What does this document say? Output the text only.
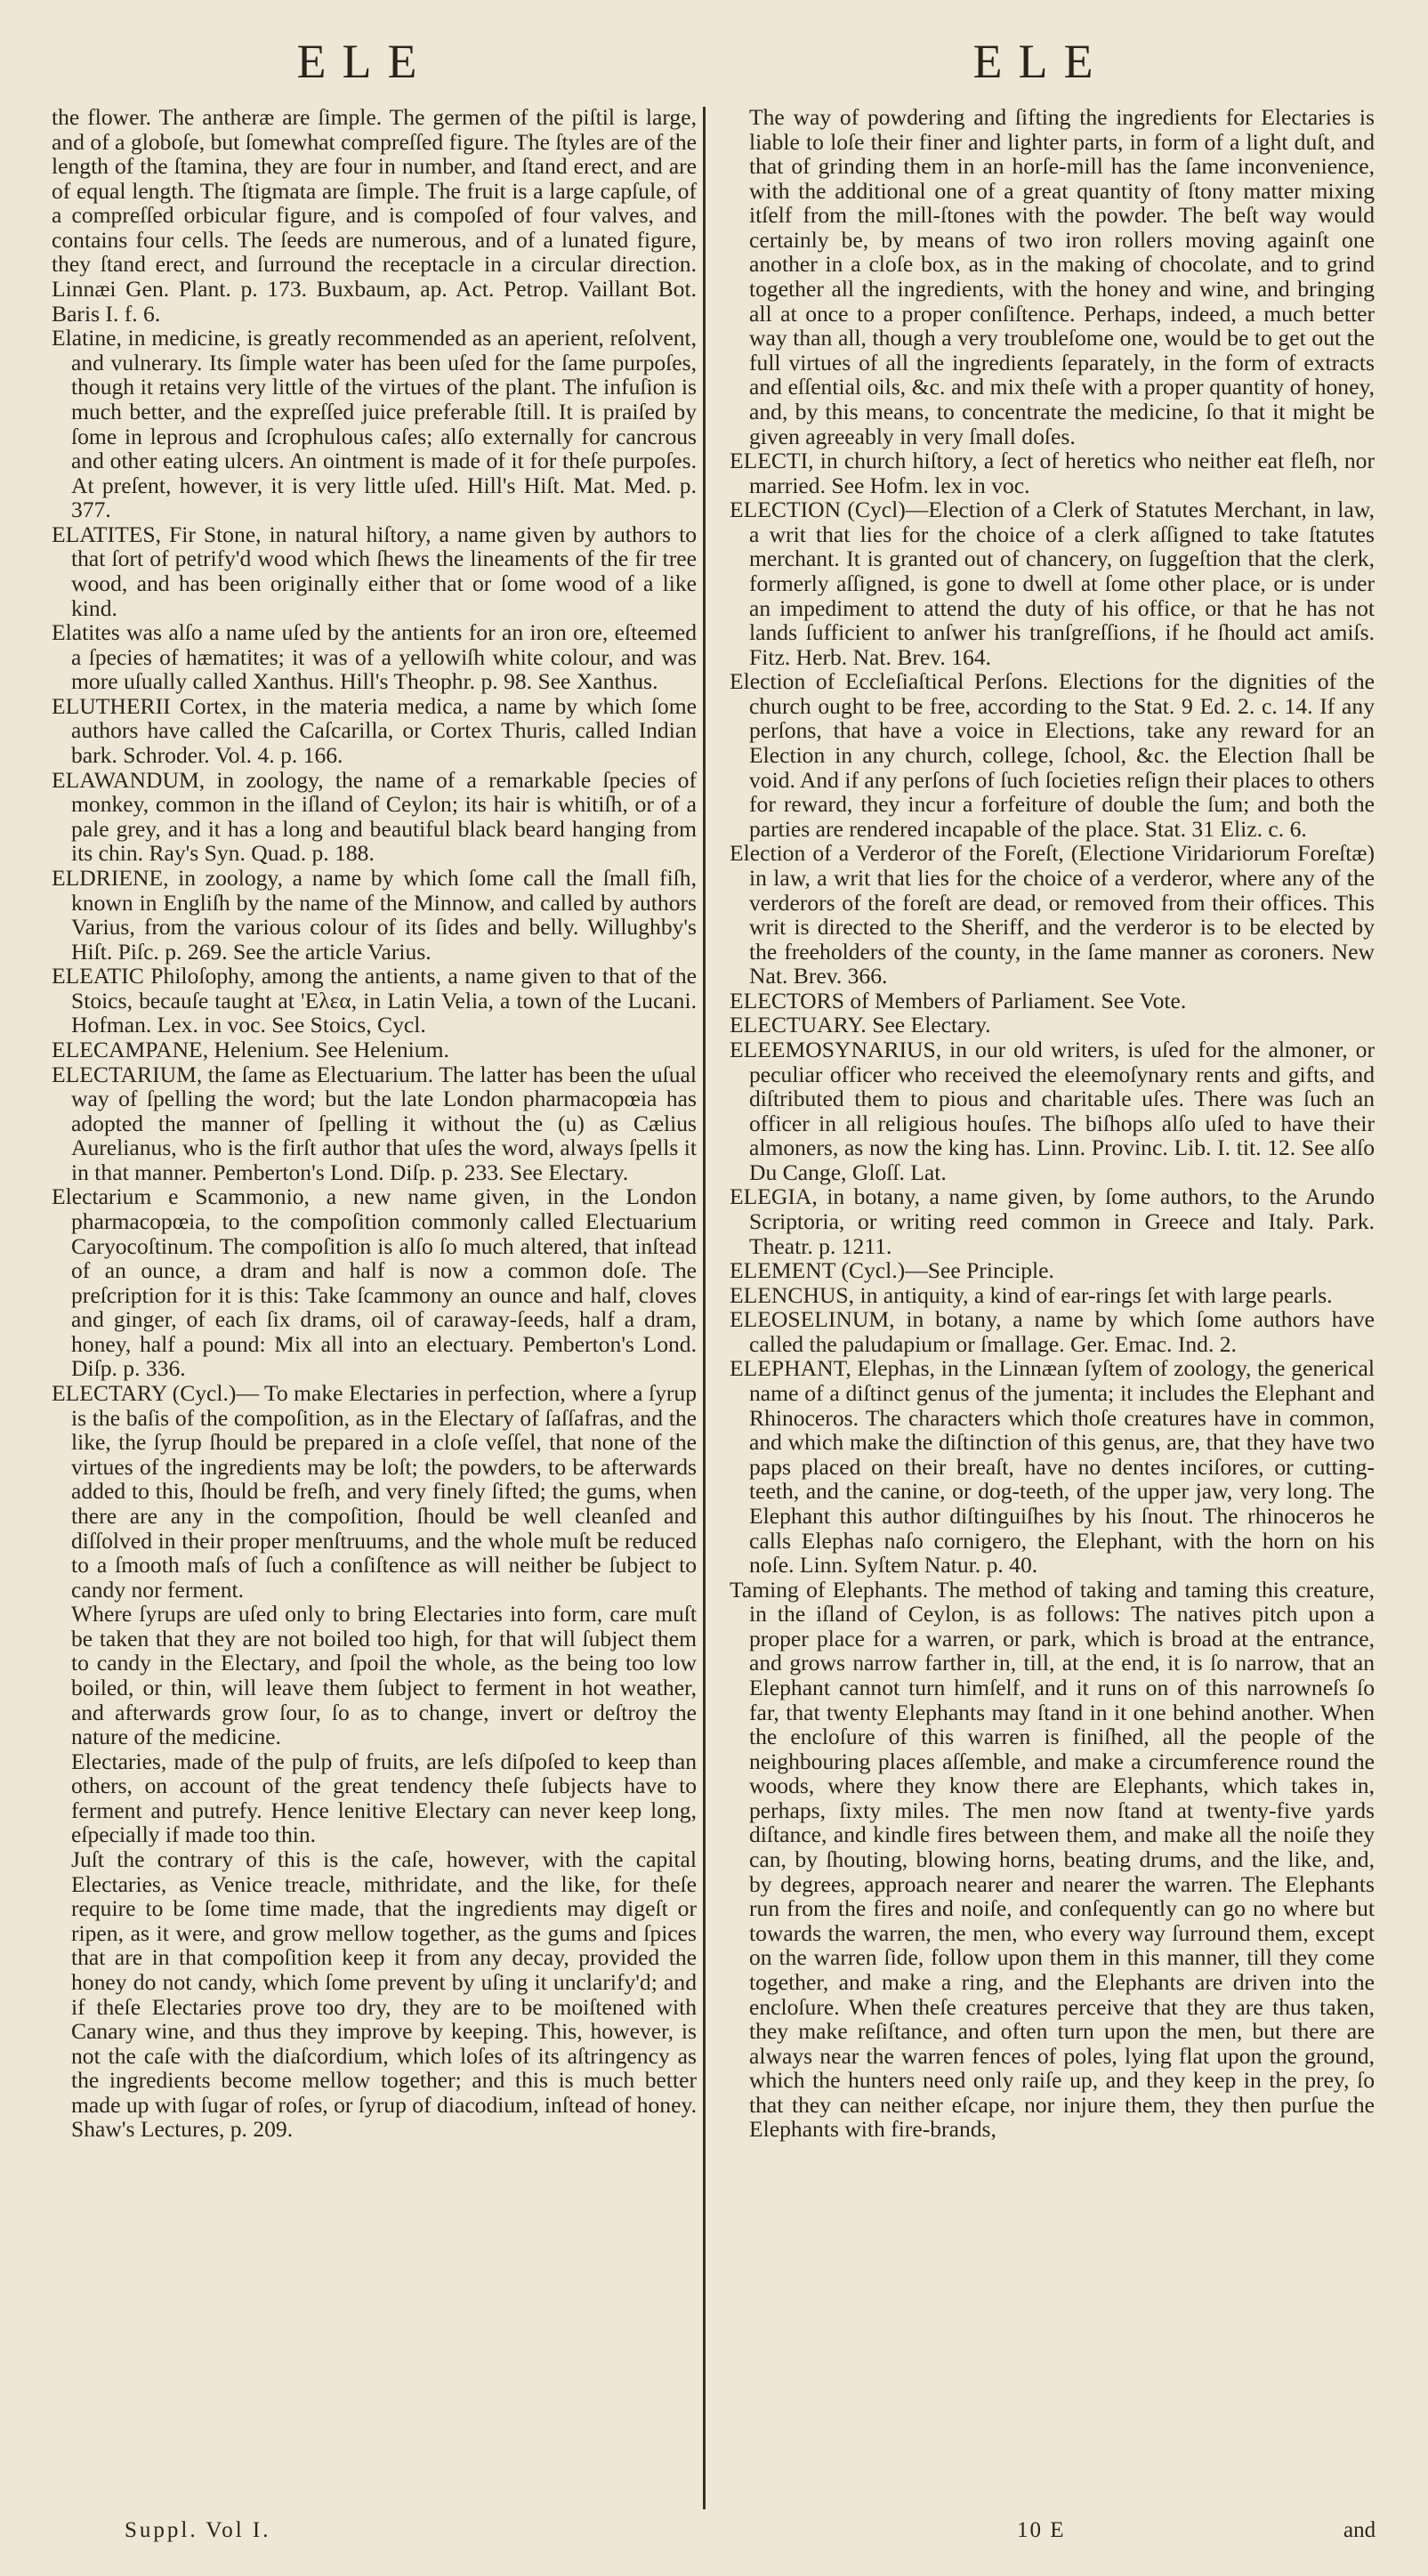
ELE	ELE

the flower. The antheræ are ſimple. The germen of the piſtil is large, and of a globoſe, but ſomewhat compreſſed figure. The ſtyles are of the length of the ſtamina, they are four in number, and ſtand erect, and are of equal length. The ſtigmata are ſimple. The fruit is a large capſule, of a compreſſed orbicular figure, and is compoſed of four valves, and contains four cells. The ſeeds are numerous, and of a lunated figure, they ſtand erect, and ſurround the receptacle in a circular direction. Linnæi Gen. Plant. p. 173. Buxbaum, ap. Act. Petrop. Vaillant Bot. Baris I. f. 6.

Elatine, in medicine, is greatly recommended as an aperient, reſolvent, and vulnerary. Its ſimple water has been uſed for the ſame purpoſes, though it retains very little of the virtues of the plant. The infuſion is much better, and the expreſſed juice preferable ſtill. It is praiſed by ſome in leprous and ſcrophulous caſes; alſo externally for cancrous and other eating ulcers. An ointment is made of it for theſe purpoſes. At preſent, however, it is very little uſed. Hill's Hiſt. Mat. Med. p. 377.

ELATITES, Fir Stone, in natural hiſtory, a name given by authors to that ſort of petrify'd wood which ſhews the lineaments of the fir tree wood, and has been originally either that or ſome wood of a like kind.

Elatites was alſo a name uſed by the antients for an iron ore, eſteemed a ſpecies of hæmatites; it was of a yellowiſh white colour, and was more uſually called Xanthus. Hill's Theophr. p. 98. See Xanthus.

ELUTHERII Cortex, in the materia medica, a name by which ſome authors have called the Caſcarilla, or Cortex Thuris, called Indian bark. Schroder. Vol. 4. p. 166.

ELAWANDUM, in zoology, the name of a remarkable ſpecies of monkey, common in the iſland of Ceylon; its hair is whitiſh, or of a pale grey, and it has a long and beautiful black beard hanging from its chin. Ray's Syn. Quad. p. 188.

ELDRIENE, in zoology, a name by which ſome call the ſmall fiſh, known in Engliſh by the name of the Minnow, and called by authors Varius, from the various colour of its ſides and belly. Willughby's Hiſt. Piſc. p. 269. See the article Varius.

ELEATIC Philoſophy, among the antients, a name given to that of the Stoics, becauſe taught at 'Ελεα, in Latin Velia, a town of the Lucani. Hofman. Lex. in voc. See Stoics, Cycl.

ELECAMPANE, Helenium. See Helenium.

ELECTARIUM, the ſame as Electuarium. The latter has been the uſual way of ſpelling the word; but the late London pharmacopœia has adopted the manner of ſpelling it without the (u) as Cælius Aurelianus, who is the firſt author that uſes the word, always ſpells it in that manner. Pemberton's Lond. Diſp. p. 233. See Electary.

Electarium e Scammonio, a new name given, in the London pharmacopœia, to the compoſition commonly called Electuarium Caryocoſtinum. The compoſition is alſo ſo much altered, that inſtead of an ounce, a dram and half is now a common doſe. The preſcription for it is this: Take ſcammony an ounce and half, cloves and ginger, of each ſix drams, oil of caraway-ſeeds, half a dram, honey, half a pound: Mix all into an electuary. Pemberton's Lond. Diſp. p. 336.

ELECTARY (Cycl.)— To make Electaries in perfection, where a ſyrup is the baſis of the compoſition, as in the Electary of ſaſſafras, and the like, the ſyrup ſhould be prepared in a cloſe veſſel, that none of the virtues of the ingredients may be loſt; the powders, to be afterwards added to this, ſhould be freſh, and very finely ſifted; the gums, when there are any in the compoſition, ſhould be well cleanſed and diſſolved in their proper menſtruums, and the whole muſt be reduced to a ſmooth maſs of ſuch a conſiſtence as will neither be ſubject to candy nor ferment.

Where ſyrups are uſed only to bring Electaries into form, care muſt be taken that they are not boiled too high, for that will ſubject them to candy in the Electary, and ſpoil the whole, as the being too low boiled, or thin, will leave them ſubject to ferment in hot weather, and afterwards grow ſour, ſo as to change, invert or deſtroy the nature of the medicine.

Electaries, made of the pulp of fruits, are leſs diſpoſed to keep than others, on account of the great tendency theſe ſubjects have to ferment and putrefy. Hence lenitive Electary can never keep long, eſpecially if made too thin.

Juſt the contrary of this is the caſe, however, with the capital Electaries, as Venice treacle, mithridate, and the like, for theſe require to be ſome time made, that the ingredients may digeſt or ripen, as it were, and grow mellow together, as the gums and ſpices that are in that compoſition keep it from any decay, provided the honey do not candy, which ſome prevent by uſing it unclarify'd; and if theſe Electaries prove too dry, they are to be moiſtened with Canary wine, and thus they improve by keeping. This, however, is not the caſe with the diaſcordium, which loſes of its aſtringency as the ingredients become mellow together; and this is much better made up with ſugar of roſes, or ſyrup of diacodium, inſtead of honey. Shaw's Lectures, p. 209.

The way of powdering and ſifting the ingredients for Electaries is liable to loſe their finer and lighter parts, in form of a light duſt, and that of grinding them in an horſe-mill has the ſame inconvenience, with the additional one of a great quantity of ſtony matter mixing itſelf from the mill-ſtones with the powder. The beſt way would certainly be, by means of two iron rollers moving againſt one another in a cloſe box, as in the making of chocolate, and to grind together all the ingredients, with the honey and wine, and bringing all at once to a proper conſiſtence. Perhaps, indeed, a much better way than all, though a very troubleſome one, would be to get out the full virtues of all the ingredients ſeparately, in the form of extracts and eſſential oils, &c. and mix theſe with a proper quantity of honey, and, by this means, to concentrate the medicine, ſo that it might be given agreeably in very ſmall doſes.

ELECTI, in church hiſtory, a ſect of heretics who neither eat fleſh, nor married. See Hofm. lex in voc.

ELECTION (Cycl)—Election of a Clerk of Statutes Merchant, in law, a writ that lies for the choice of a clerk aſſigned to take ſtatutes merchant. It is granted out of chancery, on ſuggeſtion that the clerk, formerly aſſigned, is gone to dwell at ſome other place, or is under an impediment to attend the duty of his office, or that he has not lands ſufficient to anſwer his tranſgreſſions, if he ſhould act amiſs. Fitz. Herb. Nat. Brev. 164.

Election of Eccleſiaſtical Perſons. Elections for the dignities of the church ought to be free, according to the Stat. 9 Ed. 2. c. 14. If any perſons, that have a voice in Elections, take any reward for an Election in any church, college, ſchool, &c. the Election ſhall be void. And if any perſons of ſuch ſocieties reſign their places to others for reward, they incur a forfeiture of double the ſum; and both the parties are rendered incapable of the place. Stat. 31 Eliz. c. 6.

Election of a Verderor of the Foreſt, (Electione Viridariorum Foreſtæ) in law, a writ that lies for the choice of a verderor, where any of the verderors of the foreſt are dead, or removed from their offices. This writ is directed to the Sheriff, and the verderor is to be elected by the freeholders of the county, in the ſame manner as coroners. New Nat. Brev. 366.

ELECTORS of Members of Parliament. See Vote.

ELECTUARY. See Electary.

ELEEMOSYNARIUS, in our old writers, is uſed for the almoner, or peculiar officer who received the eleemoſynary rents and gifts, and diſtributed them to pious and charitable uſes. There was ſuch an officer in all religious houſes. The biſhops alſo uſed to have their almoners, as now the king has. Linn. Provinc. Lib. I. tit. 12. See alſo Du Cange, Gloſſ. Lat.

ELEGIA, in botany, a name given, by ſome authors, to the Arundo Scriptoria, or writing reed common in Greece and Italy. Park. Theatr. p. 1211.

ELEMENT (Cycl.)—See Principle.

ELENCHUS, in antiquity, a kind of ear-rings ſet with large pearls.

ELEOSELINUM, in botany, a name by which ſome authors have called the paludapium or ſmallage. Ger. Emac. Ind. 2.

ELEPHANT, Elephas, in the Linnæan ſyſtem of zoology, the generical name of a diſtinct genus of the jumenta; it includes the Elephant and Rhinoceros. The characters which thoſe creatures have in common, and which make the diſtinction of this genus, are, that they have two paps placed on their breaſt, have no dentes inciſores, or cutting-teeth, and the canine, or dog-teeth, of the upper jaw, very long. The Elephant this author diſtinguiſhes by his ſnout. The rhinoceros he calls Elephas naſo cornigero, the Elephant, with the horn on his noſe. Linn. Syſtem Natur. p. 40.

Taming of Elephants. The method of taking and taming this creature, in the iſland of Ceylon, is as follows: The natives pitch upon a proper place for a warren, or park, which is broad at the entrance, and grows narrow farther in, till, at the end, it is ſo narrow, that an Elephant cannot turn himſelf, and it runs on of this narrowneſs ſo far, that twenty Elephants may ſtand in it one behind another. When the encloſure of this warren is finiſhed, all the people of the neighbouring places aſſemble, and make a circumference round the woods, where they know there are Elephants, which takes in, perhaps, ſixty miles. The men now ſtand at twenty-five yards diſtance, and kindle fires between them, and make all the noiſe they can, by ſhouting, blowing horns, beating drums, and the like, and, by degrees, approach nearer and nearer the warren. The Elephants run from the fires and noiſe, and conſequently can go no where but towards the warren, the men, who every way ſurround them, except on the warren ſide, follow upon them in this manner, till they come together, and make a ring, and the Elephants are driven into the encloſure. When theſe creatures perceive that they are thus taken, they make reſiſtance, and often turn upon the men, but there are always near the warren fences of poles, lying flat upon the ground, which the hunters need only raiſe up, and they keep in the prey, ſo that they can neither eſcape, nor injure them, they then purſue the Elephants with fire-brands,

Suppl. Vol I.	10 E	and
